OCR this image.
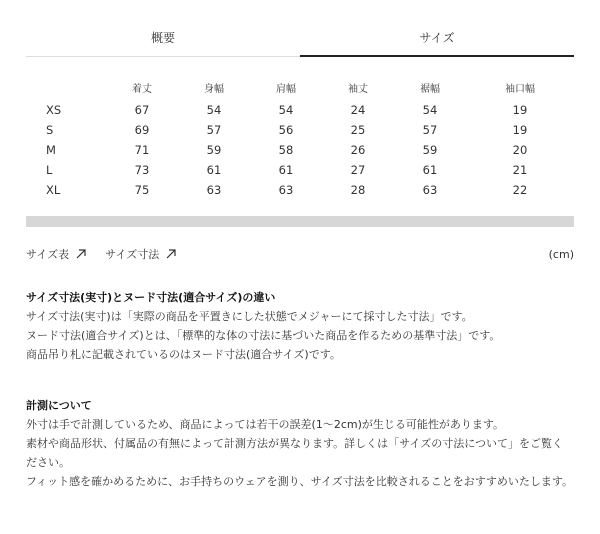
概要	サイズ
	着丈	身幅	肩幅	袖丈	裾幅	袖口幅
XS	67	54	54	24	54	19
S	69	57	56	25	57	19
M	71	59	58	26	59	20
L	73	61	61	27	61	21
XL	75	63	63	28	63	22
サイズ表	サイズ寸法	(cm)
サイズ寸法(実寸)とヌード寸法(適合サイズ)の違い

サイズ寸法(実寸)は「実際の商品を平置きにした状態でメジャーにて採寸した寸法」です。

ヌード寸法(適合サイズ)とは、「標準的な体の寸法に基づいた商品を作るための基準寸法」です。

商品吊り札に記載されているのはヌード寸法(適合サイズ)です。

計測について

外寸は手で計測しているため、商品によっては若干の誤差(1〜2cm)が生じる可能性があります。

素材や商品形状、付属品の有無によって計測方法が異なります。詳しくは「サイズの寸法について」をご覧ください。

フィット感を確かめるために、お手持ちのウェアを測り、サイズ寸法を比較されることをおすすめいたします。
